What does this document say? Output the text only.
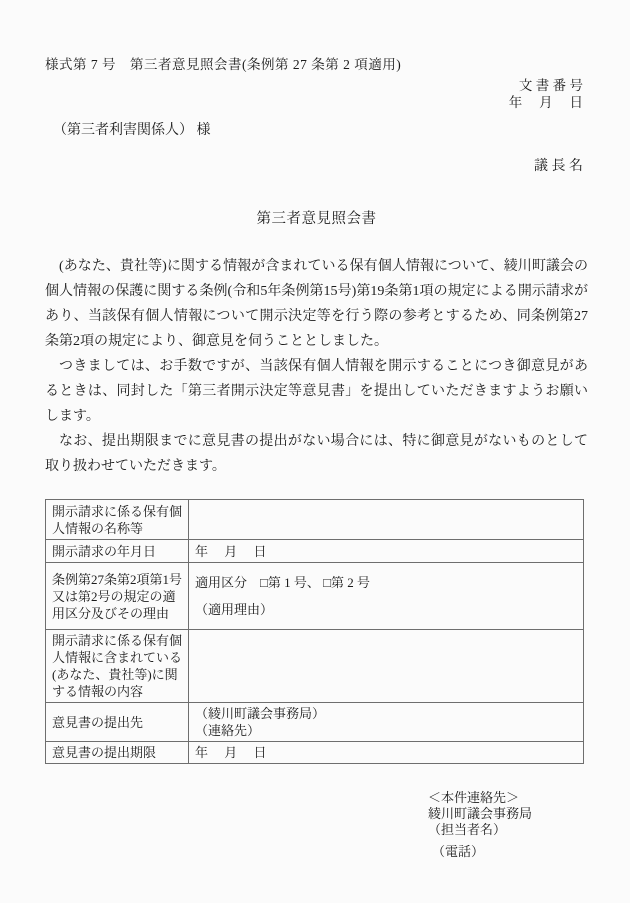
様式第 7 号　第三者意見照会書(条例第 27 条第 2 項適用)
文 書 番 号
年　 月　 日
（第三者利害関係人） 様
議 長 名
第三者意見照会書

(あなた、貴社等)に関する情報が含まれている保有個人情報について、綾川町議会の個人情報の保護に関する条例(令和5年条例第15号)第19条第1項の規定による開示請求があり、当該保有個人情報について開示決定等を行う際の参考とするため、同条例第27条第2項の規定により、御意見を伺うこととしました。

つきましては、お手数ですが、当該保有個人情報を開示することにつき御意見があるときは、同封した「第三者開示決定等意見書」を提出していただきますようお願いします。

なお、提出期限までに意見書の提出がない場合には、特に御意見がないものとして取り扱わせていただきます。

開示請求に係る保有個人情報の名称等	
開示請求の年月日	年　 月　 日
条例第27条第2項第1号又は第2号の規定の適用区分及びその理由	適用区分　□第 1 号、 □第 2 号
（適用理由）

開示請求に係る保有個人情報に含まれている(あなた、貴社等)に関する情報の内容	
意見書の提出先	（綾川町議会事務局）
（連絡先）

意見書の提出期限	年　 月　 日
＜本件連絡先＞
綾川町議会事務局
（担当者名）
（電話）
